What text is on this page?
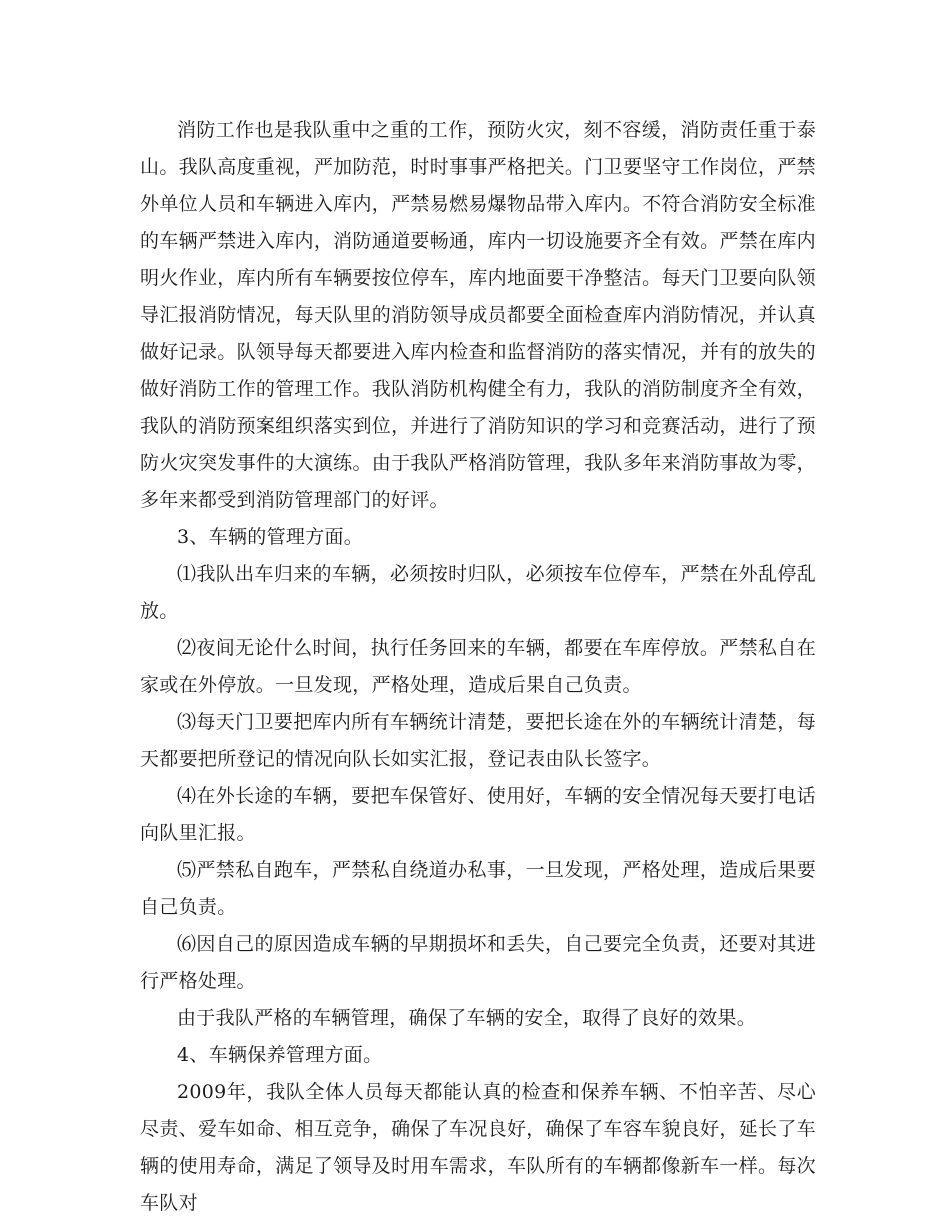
消防工作也是我队重中之重的工作，预防火灾，刻不容缓，消防责任重于泰山。我队高度重视，严加防范，时时事事严格把关。门卫要坚守工作岗位，严禁外单位人员和车辆进入库内，严禁易燃易爆物品带入库内。不符合消防安全标准的车辆严禁进入库内，消防通道要畅通，库内一切设施要齐全有效。严禁在库内明火作业，库内所有车辆要按位停车，库内地面要干净整洁。每天门卫要向队领导汇报消防情况，每天队里的消防领导成员都要全面检查库内消防情况，并认真做好记录。队领导每天都要进入库内检查和监督消防的落实情况，并有的放失的做好消防工作的管理工作。我队消防机构健全有力，我队的消防制度齐全有效，我队的消防预案组织落实到位，并进行了消防知识的学习和竞赛活动，进行了预防火灾突发事件的大演练。由于我队严格消防管理，我队多年来消防事故为零，多年来都受到消防管理部门的好评。

3、车辆的管理方面。

⑴我队出车归来的车辆，必须按时归队，必须按车位停车，严禁在外乱停乱放。

⑵夜间无论什么时间，执行任务回来的车辆，都要在车库停放。严禁私自在家或在外停放。一旦发现，严格处理，造成后果自己负责。

⑶每天门卫要把库内所有车辆统计清楚，要把长途在外的车辆统计清楚，每天都要把所登记的情况向队长如实汇报，登记表由队长签字。

⑷在外长途的车辆，要把车保管好、使用好，车辆的安全情况每天要打电话向队里汇报。

⑸严禁私自跑车，严禁私自绕道办私事，一旦发现，严格处理，造成后果要自己负责。

⑹因自己的原因造成车辆的早期损坏和丢失，自己要完全负责，还要对其进行严格处理。

由于我队严格的车辆管理，确保了车辆的安全，取得了良好的效果。

4、车辆保养管理方面。

2009年，我队全体人员每天都能认真的检查和保养车辆、不怕辛苦、尽心尽责、爱车如命、相互竞争，确保了车况良好，确保了车容车貌良好，延长了车辆的使用寿命，满足了领导及时用车需求，车队所有的车辆都像新车一样。每次车队对
